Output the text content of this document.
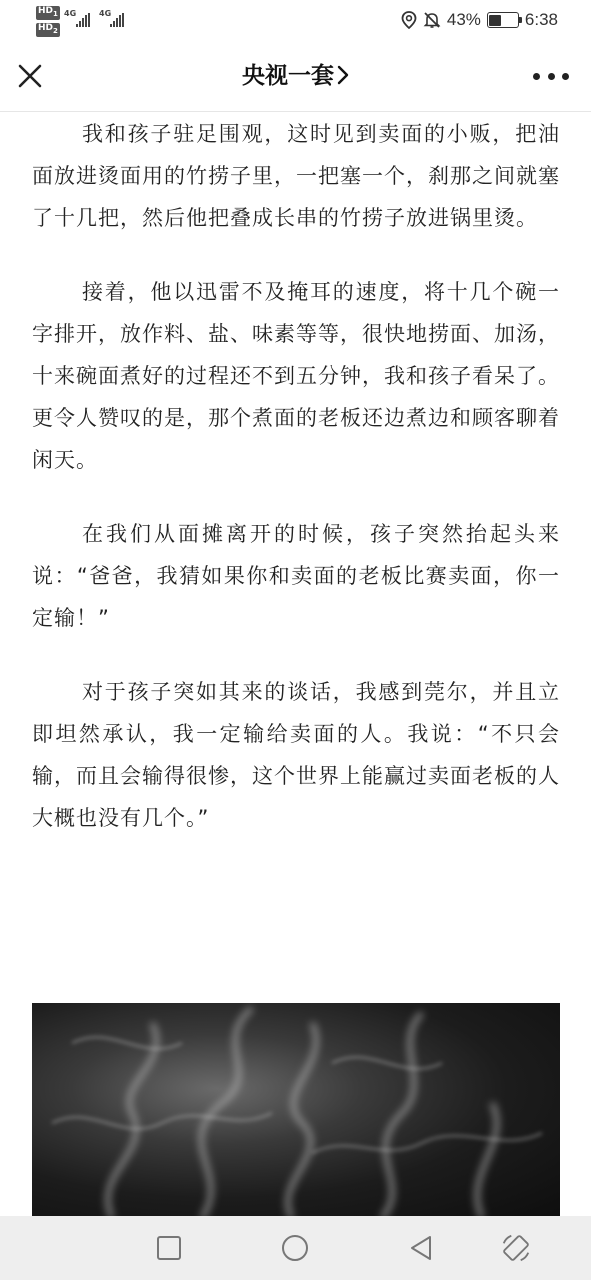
$HD_1$
$HD_2$
4G	4G	43%	6:38
央视一套

我和孩子驻足围观，这时见到卖面的小贩，把油面放进烫面用的竹捞子里，一把塞一个，刹那之间就塞了十几把，然后他把叠成长串的竹捞子放进锅里烫。

接着，他以迅雷不及掩耳的速度，将十几个碗一字排开，放作料、盐、味素等等，很快地捞面、加汤，十来碗面煮好的过程还不到五分钟，我和孩子看呆了。更令人赞叹的是，那个煮面的老板还边煮边和顾客聊着闲天。

在我们从面摊离开的时候，孩子突然抬起头来说：“爸爸，我猜如果你和卖面的老板比赛卖面，你一定输！”

对于孩子突如其来的谈话，我感到莞尔，并且立即坦然承认，我一定输给卖面的人。我说：“不只会输，而且会输得很惨，这个世界上能赢过卖面老板的人大概也没有几个。”
